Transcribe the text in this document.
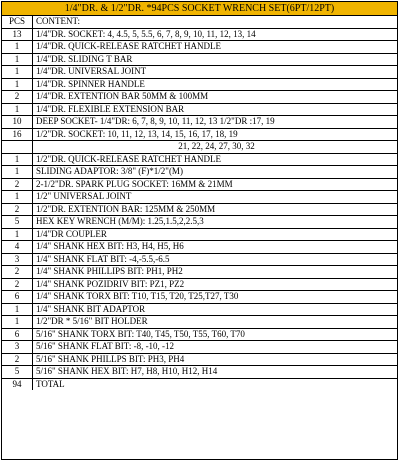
1/4"DR. & 1/2"DR. *94PCS SOCKET WRENCH SET(6PT/12PT)
PCS	CONTENT:
13	1/4"DR. SOCKET: 4, 4.5, 5, 5.5, 6, 7, 8, 9, 10, 11, 12, 13, 14
1	1/4"DR. QUICK-RELEASE RATCHET HANDLE
1	1/4"DR. SLIDING T BAR
1	1/4"DR. UNIVERSAL JOINT
1	1/4"DR. SPINNER HANDLE
2	1/4"DR. EXTENTION BAR 50MM & 100MM
1	1/4"DR. FLEXIBLE EXTENSION BAR
10	DEEP SOCKET- 1/4"DR: 6, 7, 8, 9, 10, 11, 12, 13 1/2"DR :17, 19
16	1/2"DR. SOCKET: 10, 11, 12, 13, 14, 15, 16, 17, 18, 19
	21, 22, 24, 27, 30, 32
1	1/2"DR. QUICK-RELEASE RATCHET HANDLE
1	SLIDING ADAPTOR: 3/8" (F)*1/2"(M)
2	2-1/2"DR. SPARK PLUG SOCKET: 16MM & 21MM
1	1/2" UNIVERSAL JOINT
2	1/2"DR. EXTENTION BAR: 125MM & 250MM
5	HEX KEY WRENCH (M/M): 1.25,1.5,2,2.5,3
1	1/4"DR COUPLER
4	1/4" SHANK HEX BIT: H3, H4, H5, H6
3	1/4" SHANK FLAT BIT: -4,-5.5,-6.5
2	1/4" SHANK PHILLIPS BIT: PH1, PH2
2	1/4" SHANK POZIDRIV BIT: PZ1, PZ2
6	1/4" SHANK TORX BIT: T10, T15, T20, T25,T27, T30
1	1/4" SHANK BIT ADAPTOR
1	1/2"DR * 5/16" BIT HOLDER
6	5/16" SHANK TORX BIT: T40, T45, T50, T55, T60, T70
3	5/16" SHANK FLAT BIT: -8, -10, -12
2	5/16" SHANK PHILLPS BIT: PH3, PH4
5	5/16" SHANK HEX BIT: H7, H8, H10, H12, H14
94	TOTAL
